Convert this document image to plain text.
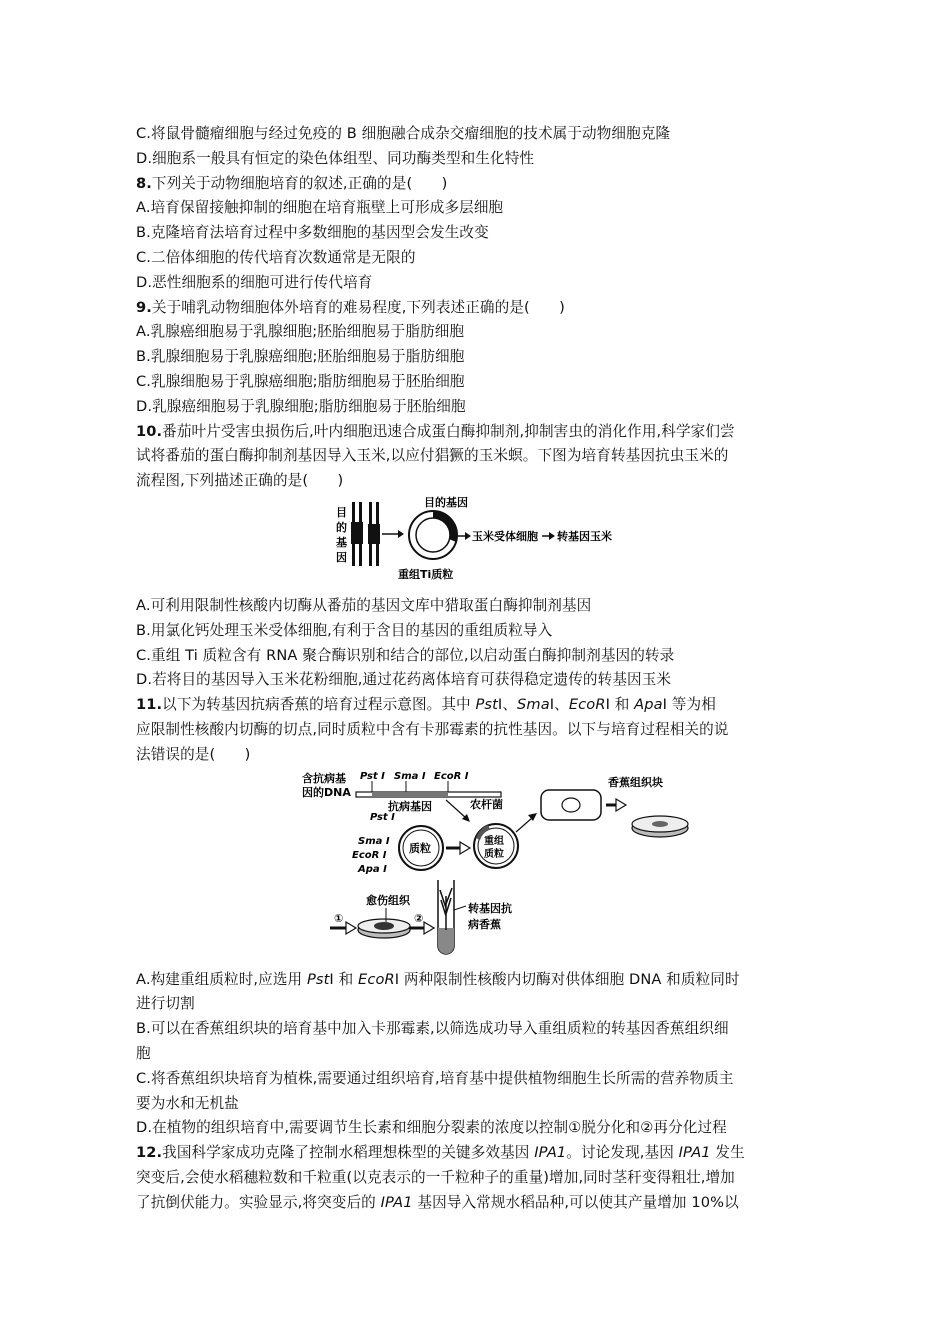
C.将鼠骨髓瘤细胞与经过免疫的 B 细胞融合成杂交瘤细胞的技术属于动物细胞克隆
D.细胞系一般具有恒定的染色体组型、同功酶类型和生化特性
8.下列关于动物细胞培育的叙述,正确的是(　　)
A.培育保留接触抑制的细胞在培育瓶壁上可形成多层细胞
B.克隆培育法培育过程中多数细胞的基因型会发生改变
C.二倍体细胞的传代培育次数通常是无限的
D.恶性细胞系的细胞可进行传代培育
9.关于哺乳动物细胞体外培育的难易程度,下列表述正确的是(　　)
A.乳腺癌细胞易于乳腺细胞;胚胎细胞易于脂肪细胞
B.乳腺细胞易于乳腺癌细胞;胚胎细胞易于脂肪细胞
C.乳腺细胞易于乳腺癌细胞;脂肪细胞易于胚胎细胞
D.乳腺癌细胞易于乳腺细胞;脂肪细胞易于胚胎细胞
10.番茄叶片受害虫损伤后,叶内细胞迅速合成蛋白酶抑制剂,抑制害虫的消化作用,科学家们尝
试将番茄的蛋白酶抑制剂基因导入玉米,以应付猖獗的玉米螟。下图为培育转基因抗虫玉米的
流程图,下列描述正确的是(　　)
目
的
基
因
目的基因
重组Ti质粒
玉米受体细胞 转基因玉米
A.可利用限制性核酸内切酶从番茄的基因文库中猎取蛋白酶抑制剂基因
B.用氯化钙处理玉米受体细胞,有利于含目的基因的重组质粒导入
C.重组 Ti 质粒含有 RNA 聚合酶识别和结合的部位,以启动蛋白酶抑制剂基因的转录
D.若将目的基因导入玉米花粉细胞,通过花药离体培育可获得稳定遗传的转基因玉米
11.以下为转基因抗病香蕉的培育过程示意图。其中 PstⅠ、SmaⅠ、EcoRⅠ 和 ApaⅠ 等为相
应限制性核酸内切酶的切点,同时质粒中含有卡那霉素的抗性基因。以下与培育过程相关的说
法错误的是(　　)
含抗病基
因的DNA
Pst Ⅰ Sma Ⅰ EcoR Ⅰ
抗病基因
Pst Ⅰ
Sma Ⅰ
EcoR Ⅰ
Apa Ⅰ
质粒
重组
质粒
农杆菌
香蕉组织块
愈伤组织
①	②
转基因抗
病香蕉
A.构建重组质粒时,应选用 PstⅠ 和 EcoRⅠ 两种限制性核酸内切酶对供体细胞 DNA 和质粒同时
进行切割
B.可以在香蕉组织块的培育基中加入卡那霉素,以筛选成功导入重组质粒的转基因香蕉组织细
胞
C.将香蕉组织块培育为植株,需要通过组织培育,培育基中提供植物细胞生长所需的营养物质主
要为水和无机盐
D.在植物的组织培育中,需要调节生长素和细胞分裂素的浓度以控制①脱分化和②再分化过程
12.我国科学家成功克隆了控制水稻理想株型的关键多效基因 IPA1。讨论发现,基因 IPA1 发生
突变后,会使水稻穗粒数和千粒重(以克表示的一千粒种子的重量)增加,同时茎秆变得粗壮,增加
了抗倒伏能力。实验显示,将突变后的 IPA1 基因导入常规水稻品种,可以使其产量增加 10%以
